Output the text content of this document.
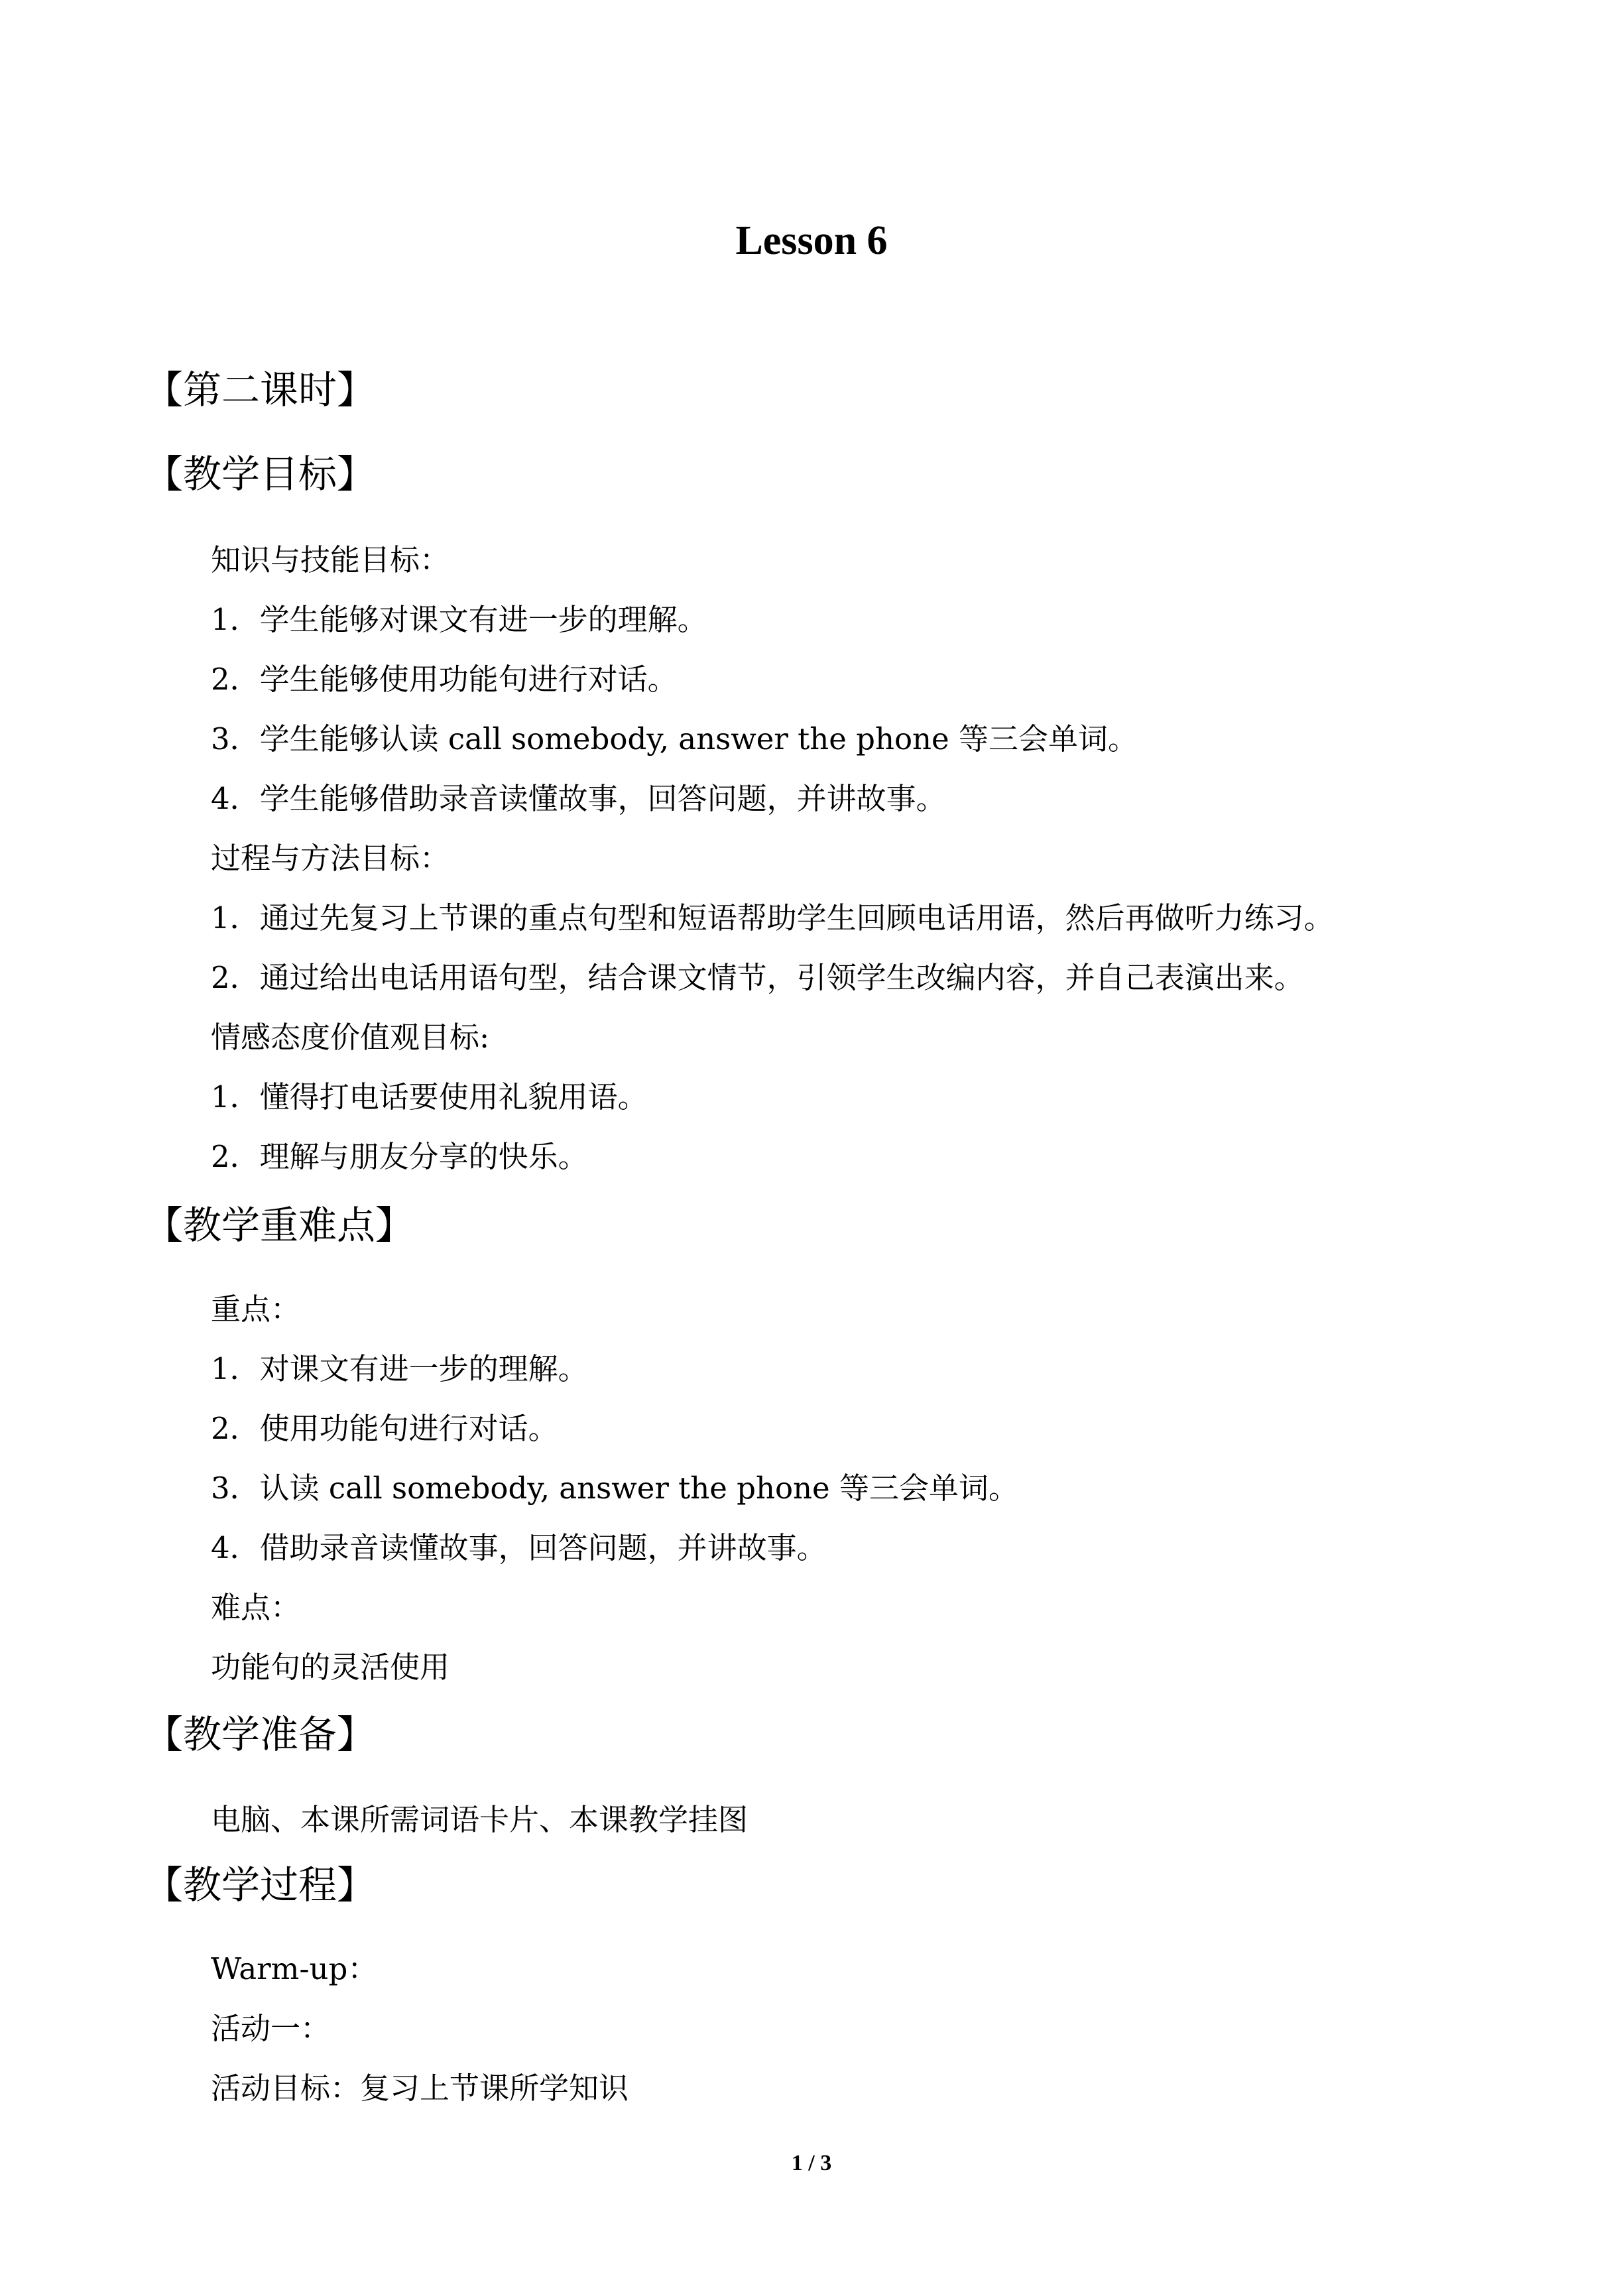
Lesson 6
【第二课时】
【教学目标】
知识与技能目标：
1．学生能够对课文有进一步的理解。
2．学生能够使用功能句进行对话。
3．学生能够认读 call somebody, answer the phone 等三会单词。
4．学生能够借助录音读懂故事，回答问题，并讲故事。
过程与方法目标：
1．通过先复习上节课的重点句型和短语帮助学生回顾电话用语，然后再做听力练习。
2．通过给出电话用语句型，结合课文情节，引领学生改编内容，并自己表演出来。
情感态度价值观目标:
1．懂得打电话要使用礼貌用语。
2．理解与朋友分享的快乐。
【教学重难点】
重点：
1．对课文有进一步的理解。
2．使用功能句进行对话。
3．认读 call somebody, answer the phone 等三会单词。
4．借助录音读懂故事，回答问题，并讲故事。
难点：
功能句的灵活使用
【教学准备】
电脑、本课所需词语卡片、本课教学挂图
【教学过程】
Warm-up：
活动一：
活动目标：复习上节课所学知识
1 / 3
